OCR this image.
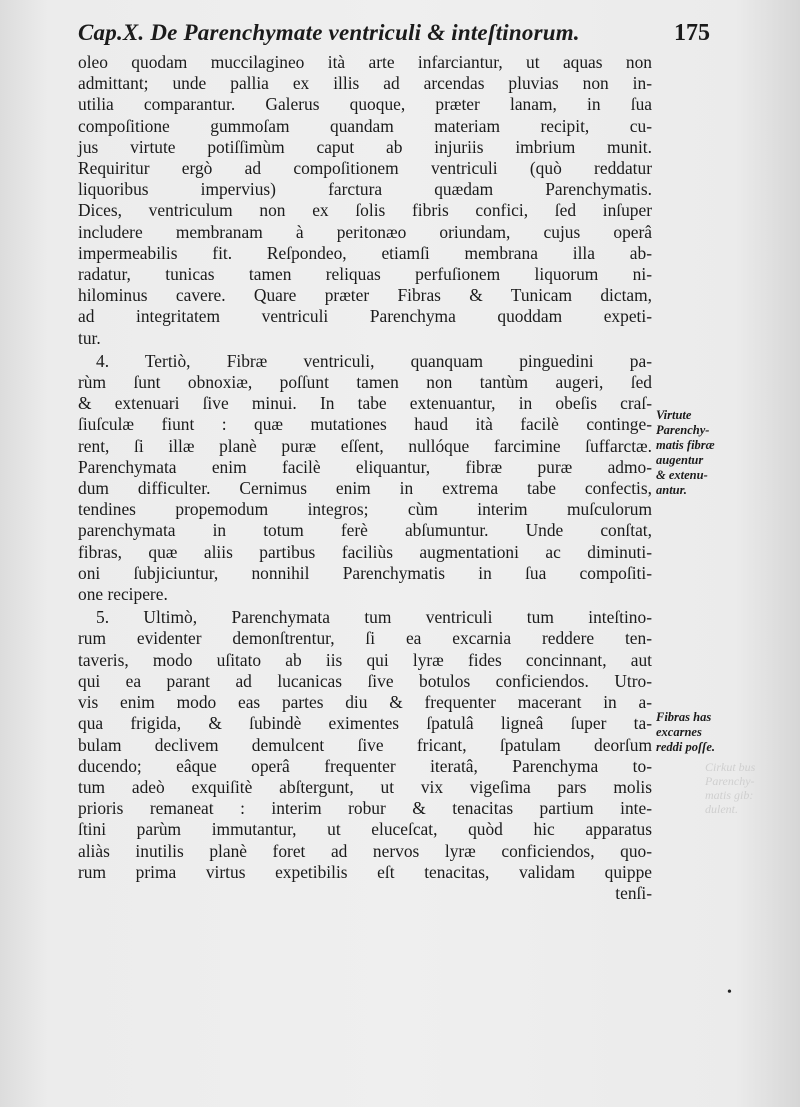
Cap.X. De Parenchymate ventriculi & inteſtinorum.	175
oleo quodam muccilagineo ità arte infarciantur, ut aquas non
admittant; unde pallia ex illis ad arcendas pluvias non in-
utilia comparantur. Galerus quoque, præter lanam, in ſua
compoſitione gummoſam quandam materiam recipit, cu-
jus virtute potiſſimùm caput ab injuriis imbrium munit.
Requiritur ergò ad compoſitionem ventriculi (quò reddatur
liquoribus impervius) farctura quædam Parenchymatis.
Dices, ventriculum non ex ſolis fibris confici, ſed inſuper
includere membranam à peritonæo oriundam, cujus operâ
impermeabilis fit. Reſpondeo, etiamſi membrana illa ab-
radatur, tunicas tamen reliquas perfuſionem liquorum ni-
hilominus cavere. Quare præter Fibras & Tunicam dictam,
ad integritatem ventriculi Parenchyma quoddam expeti-
tur.
4. Tertiò, Fibræ ventriculi, quanquam pinguedini pa-
rùm ſunt obnoxiæ, poſſunt tamen non tantùm augeri, ſed
& extenuari ſive minui. In tabe extenuantur, in obeſis craſ-
ſiuſculæ fiunt : quæ mutationes haud ità facilè continge-
rent, ſi illæ planè puræ eſſent, nullóque farcimine ſuffarctæ.
Parenchymata enim facilè eliquantur, fibræ puræ admo-
dum difficulter. Cernimus enim in extrema tabe confectis,
tendines propemodum integros; cùm interim muſculorum
parenchymata in totum ferè abſumuntur. Unde conſtat,
fibras, quæ aliis partibus faciliùs augmentationi ac diminuti-
oni ſubjiciuntur, nonnihil Parenchymatis in ſua compoſiti-
one recipere.
5. Ultimò, Parenchymata tum ventriculi tum inteſtino-
rum evidenter demonſtrentur, ſi ea excarnia reddere ten-
taveris, modo uſitato ab iis qui lyræ fides concinnant, aut
qui ea parant ad lucanicas ſive botulos conficiendos. Utro-
vis enim modo eas partes diu & frequenter macerant in a-
qua frigida, & ſubindè eximentes ſpatulâ ligneâ ſuper ta-
bulam declivem demulcent ſive fricant, ſpatulam deorſum
ducendo; eâque operâ frequenter iteratâ, Parenchyma to-
tum adeò exquiſitè abſtergunt, ut vix vigeſima pars molis
prioris remaneat : interim robur & tenacitas partium inte-
ſtini parùm immutantur, ut eluceſcat, quòd hic apparatus
aliàs inutilis planè foret ad nervos lyræ conficiendos, quo-
rum prima virtus expetibilis eſt tenacitas, validam quippe
tenſi-
Virtute
Parenchy-
matis fibræ
augentur
& extenu-
antur.
Fibras has
excarnes
reddi poſſe.
Cirkut bus
Parenchy-
matis gib:
dulent.
•
